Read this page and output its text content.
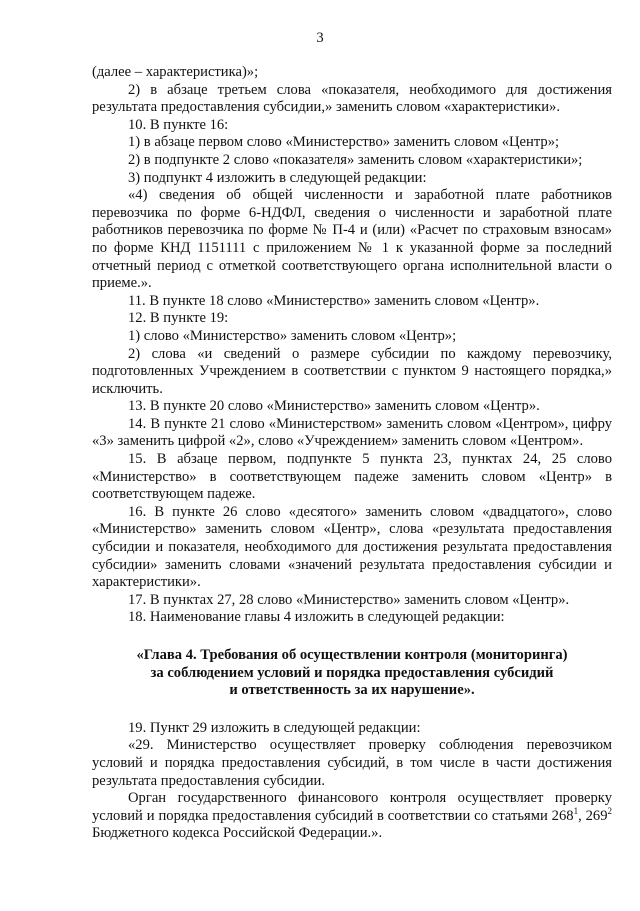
3

(далее – характеристика)»;

2) в абзаце третьем слова «показателя, необходимого для достижения результата предоставления субсидии,» заменить словом «характеристики».

10. В пункте 16:

1) в абзаце первом слово «Министерство» заменить словом «Центр»;

2) в подпункте 2 слово «показателя» заменить словом «характеристики»;

3) подпункт 4 изложить в следующей редакции:

«4) сведения об общей численности и заработной плате работников перевозчика по форме 6-НДФЛ, сведения о численности и заработной плате работников перевозчика по форме № П-4 и (или) «Расчет по страховым взносам» по форме КНД 1151111 с приложением № 1 к указанной форме за последний отчетный период с отметкой соответствующего органа исполнительной власти о приеме.».

11. В пункте 18 слово «Министерство» заменить словом «Центр».

12. В пункте 19:

1) слово «Министерство» заменить словом «Центр»;

2) слова «и сведений о размере субсидии по каждому перевозчику, подготовленных Учреждением в соответствии с пунктом 9 настоящего порядка,» исключить.

13. В пункте 20 слово «Министерство» заменить словом «Центр».

14. В пункте 21 слово «Министерством» заменить словом «Центром», цифру «3» заменить цифрой «2», слово «Учреждением» заменить словом «Центром».

15. В абзаце первом, подпункте 5 пункта 23, пунктах 24, 25 слово «Министерство» в соответствующем падеже заменить словом «Центр» в соответствующем падеже.

16. В пункте 26 слово «десятого» заменить словом «двадцатого», слово «Министерство» заменить словом «Центр», слова «результата предоставления субсидии и показателя, необходимого для достижения результата предоставления субсидии» заменить словами «значений результата предоставления субсидии и характеристики».

17. В пунктах 27, 28 слово «Министерство» заменить словом «Центр».

18. Наименование главы 4 изложить в следующей редакции:

«Глава 4. Требования об осуществлении контроля (мониторинга)
за соблюдением условий и порядка предоставления субсидий
и ответственность за их нарушение».

19. Пункт 29 изложить в следующей редакции:

«29. Министерство осуществляет проверку соблюдения перевозчиком условий и порядка предоставления субсидий, в том числе в части достижения результата предоставления субсидии.

Орган государственного финансового контроля осуществляет проверку условий и порядка предоставления субсидий в соответствии со статьями $268^1$, $269^2$ Бюджетного кодекса Российской Федерации.».
